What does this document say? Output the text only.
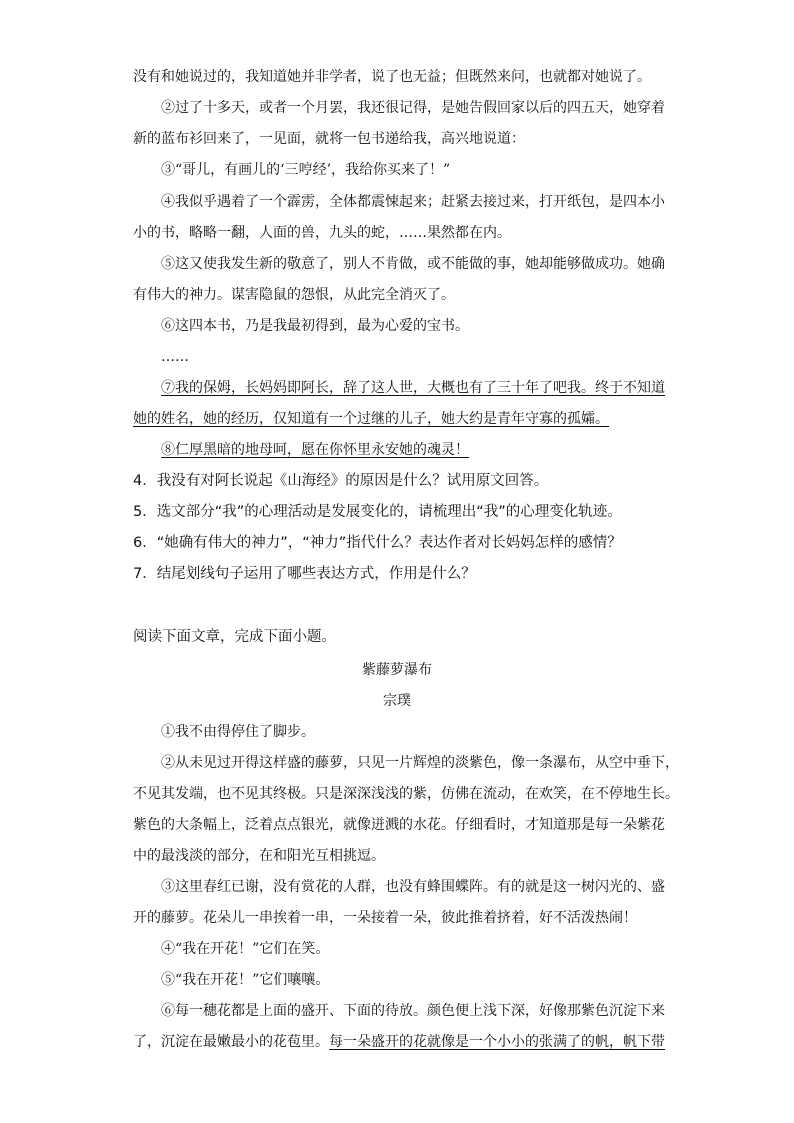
没有和她说过的，我知道她并非学者，说了也无益；但既然来问，也就都对她说了。
②过了十多天，或者一个月罢，我还很记得，是她告假回家以后的四五天，她穿着
新的蓝布衫回来了，一见面，就将一包书递给我，高兴地说道：
③“哥儿，有画儿的‘三哼经’，我给你买来了！”
④我似乎遇着了一个霹雳，全体都震悚起来；赶紧去接过来，打开纸包，是四本小
小的书，略略一翻，人面的兽，九头的蛇，……果然都在内。
⑤这又使我发生新的敬意了，别人不肯做，或不能做的事，她却能够做成功。她确
有伟大的神力。谋害隐鼠的怨恨，从此完全消灭了。
⑥这四本书，乃是我最初得到，最为心爱的宝书。
……
⑦我的保姆，长妈妈即阿长，辞了这人世，大概也有了三十年了吧我。终于不知道
她的姓名，她的经历，仅知道有一个过继的儿子，她大约是青年守寡的孤孀。
⑧仁厚黑暗的地母呵，愿在你怀里永安她的魂灵！
4．我没有对阿长说起《山海经》的原因是什么？试用原文回答。
5．选文部分“我”的心理活动是发展变化的，请梳理出“我”的心理变化轨迹。
6．“她确有伟大的神力”，“神力”指代什么？表达作者对长妈妈怎样的感情？
7．结尾划线句子运用了哪些表达方式，作用是什么？
阅读下面文章，完成下面小题。
紫藤萝瀑布
宗璞
①我不由得停住了脚步。
②从未见过开得这样盛的藤萝，只见一片辉煌的淡紫色，像一条瀑布，从空中垂下，
不见其发端，也不见其终极。只是深深浅浅的紫，仿佛在流动，在欢笑，在不停地生长。
紫色的大条幅上，泛着点点银光，就像迸溅的水花。仔细看时，才知道那是每一朵紫花
中的最浅淡的部分，在和阳光互相挑逗。
③这里春红已谢，没有赏花的人群，也没有蜂围蝶阵。有的就是这一树闪光的、盛
开的藤萝。花朵儿一串挨着一串，一朵接着一朵，彼此推着挤着，好不活泼热闹！
④“我在开花！”它们在笑。
⑤“我在开花！”它们嚷嚷。
⑥每一穗花都是上面的盛开、下面的待放。颜色便上浅下深，好像那紫色沉淀下来
了，沉淀在最嫩最小的花苞里。每一朵盛开的花就像是一个小小的张满了的帆，帆下带
